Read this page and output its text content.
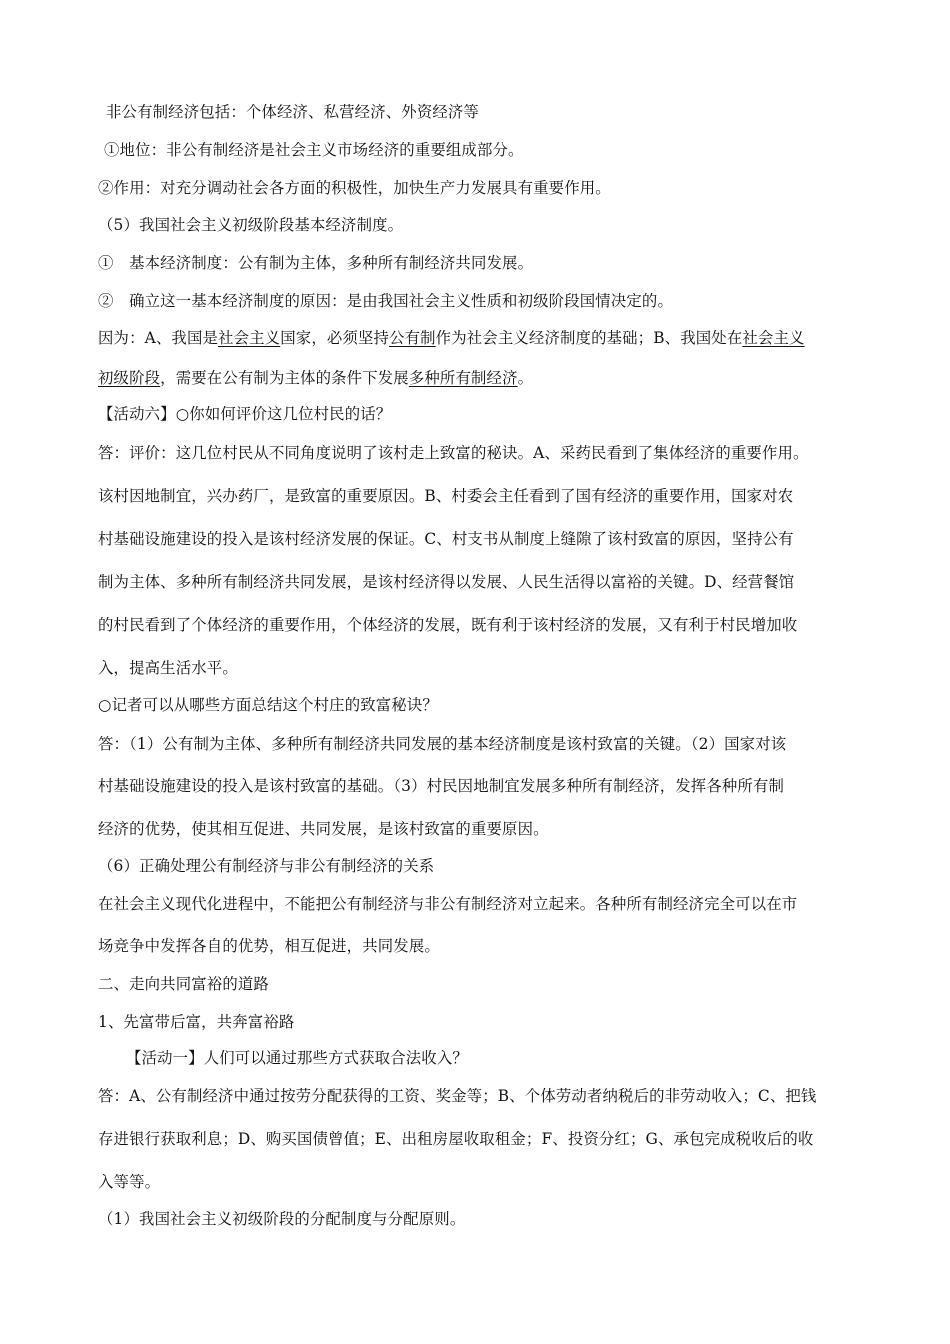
非公有制经济包括：个体经济、私营经济、外资经济等
①地位：非公有制经济是社会主义市场经济的重要组成部分。
②作用：对充分调动社会各方面的积极性，加快生产力发展具有重要作用。
（5）我国社会主义初级阶段基本经济制度。
①　基本经济制度：公有制为主体，多种所有制经济共同发展。
②　确立这一基本经济制度的原因：是由我国社会主义性质和初级阶段国情决定的。
因为：A、我国是社会主义国家，必须坚持公有制作为社会主义经济制度的基础；B、我国处在社会主义
初级阶段，需要在公有制为主体的条件下发展多种所有制经济。
【活动六】○你如何评价这几位村民的话？
答：评价：这几位村民从不同角度说明了该村走上致富的秘诀。A、采药民看到了集体经济的重要作用。
该村因地制宜，兴办药厂，是致富的重要原因。B、村委会主任看到了国有经济的重要作用，国家对农
村基础设施建设的投入是该村经济发展的保证。C、村支书从制度上缝隙了该村致富的原因，坚持公有
制为主体、多种所有制经济共同发展，是该村经济得以发展、人民生活得以富裕的关键。D、经营餐馆
的村民看到了个体经济的重要作用，个体经济的发展，既有利于该村经济的发展，又有利于村民增加收
入，提高生活水平。
○记者可以从哪些方面总结这个村庄的致富秘诀？
答：（1）公有制为主体、多种所有制经济共同发展的基本经济制度是该村致富的关键。（2）国家对该
村基础设施建设的投入是该村致富的基础。（3）村民因地制宜发展多种所有制经济，发挥各种所有制
经济的优势，使其相互促进、共同发展，是该村致富的重要原因。
（6）正确处理公有制经济与非公有制经济的关系
在社会主义现代化进程中，不能把公有制经济与非公有制经济对立起来。各种所有制经济完全可以在市
场竞争中发挥各自的优势，相互促进，共同发展。
二、走向共同富裕的道路
1、先富带后富，共奔富裕路
【活动一】人们可以通过那些方式获取合法收入？
答：A、公有制经济中通过按劳分配获得的工资、奖金等；B、个体劳动者纳税后的非劳动收入；C、把钱
存进银行获取利息；D、购买国债曾值；E、出租房屋收取租金；F、投资分红；G、承包完成税收后的收
入等等。
（1）我国社会主义初级阶段的分配制度与分配原则。
